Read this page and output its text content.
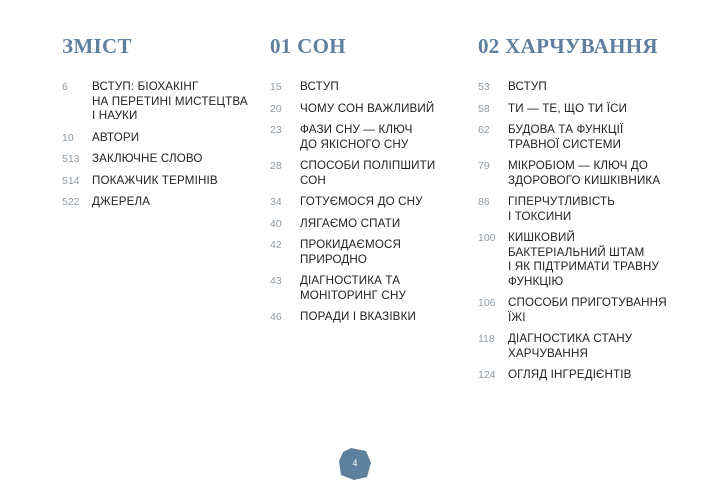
ЗМІСТ
6	ВСТУП: БІОХАКІНГ
НА ПЕРЕТИНІ МИСТЕЦТВА
І НАУКИ
10	АВТОРИ
513	ЗАКЛЮЧНЕ СЛОВО
514	ПОКАЖЧИК ТЕРМІНІВ
522	ДЖЕРЕЛА
01 СОН
15	ВСТУП
20	ЧОМУ СОН ВАЖЛИВИЙ
23	ФАЗИ СНУ — КЛЮЧ
ДО ЯКІСНОГО СНУ
28	СПОСОБИ ПОЛІПШИТИ
СОН
34	ГОТУЄМОСЯ ДО СНУ
40	ЛЯГАЄМО СПАТИ
42	ПРОКИДАЄМОСЯ
ПРИРОДНО
43	ДІАГНОСТИКА ТА
МОНІТОРИНГ СНУ
46	ПОРАДИ І ВКАЗІВКИ
02 ХАРЧУВАННЯ
53	ВСТУП
58	ТИ — ТЕ, ЩО ТИ ЇСИ
62	БУДОВА ТА ФУНКЦІЇ
ТРАВНОЇ СИСТЕМИ
79	МІКРОБІОМ — КЛЮЧ ДО
ЗДОРОВОГО КИШКІВНИКА
86	ГІПЕРЧУТЛИВІСТЬ
І ТОКСИНИ
100	КИШКОВИЙ
БАКТЕРІАЛЬНИЙ ШТАМ
І ЯК ПІДТРИМАТИ ТРАВНУ
ФУНКЦІЮ
106	СПОСОБИ ПРИГОТУВАННЯ
ЇЖІ
118	ДІАГНОСТИКА СТАНУ
ХАРЧУВАННЯ
124	ОГЛЯД ІНГРЕДІЄНТІВ
4
